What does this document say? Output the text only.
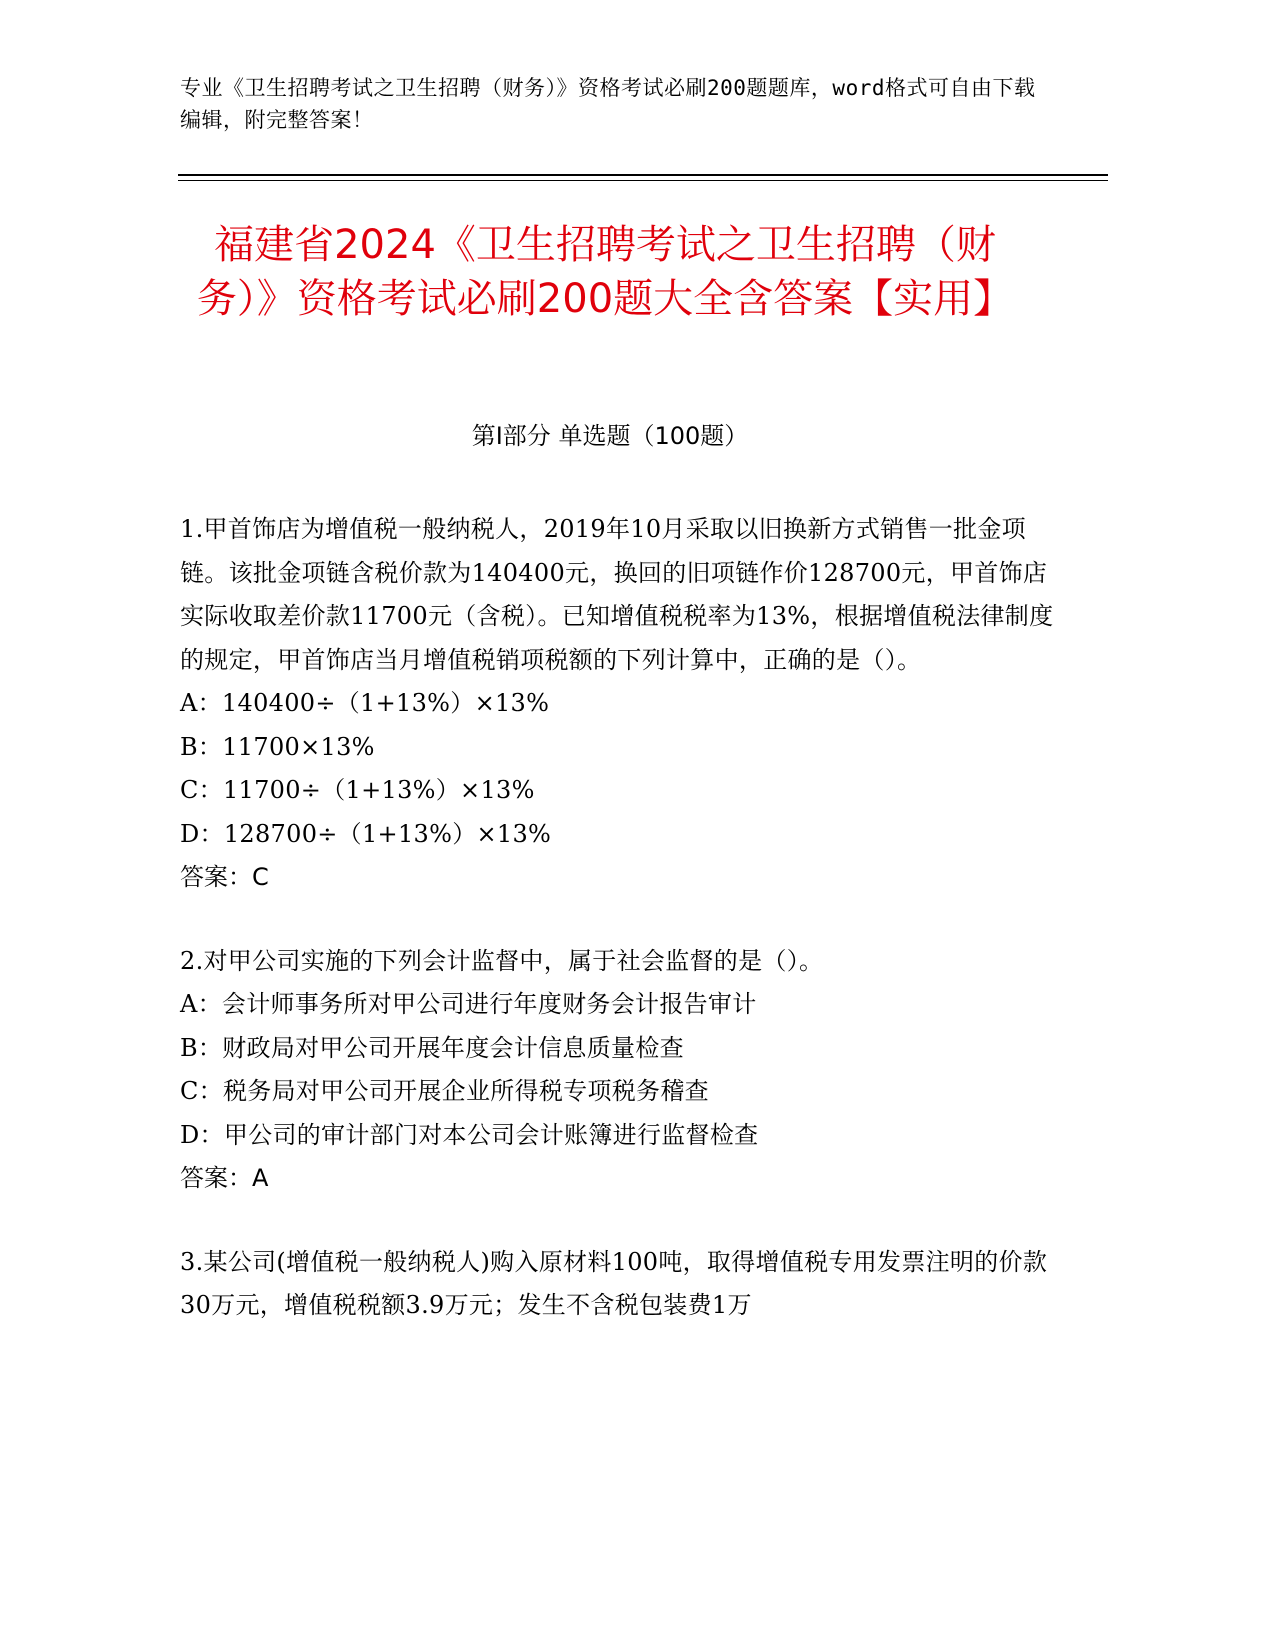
专业《卫生招聘考试之卫生招聘（财务）》资格考试必刷200题题库，word格式可自由下载编辑，附完整答案！
福建省2024《卫生招聘考试之卫生招聘（财务）》资格考试必刷200题大全含答案【实用】
第I部分 单选题（100题）

1.甲首饰店为增值税一般纳税人，2019年10月采取以旧换新方式销售一批金项链。该批金项链含税价款为140400元，换回的旧项链作价128700元，甲首饰店实际收取差价款11700元（含税）。已知增值税税率为13%，根据增值税法律制度的规定，甲首饰店当月增值税销项税额的下列计算中，正确的是（）。

A：140400÷（1+13%）×13%

B：11700×13%

C：11700÷（1+13%）×13%

D：128700÷（1+13%）×13%

答案：C

2.对甲公司实施的下列会计监督中，属于社会监督的是（）。

A：会计师事务所对甲公司进行年度财务会计报告审计

B：财政局对甲公司开展年度会计信息质量检查

C：税务局对甲公司开展企业所得税专项税务稽查

D：甲公司的审计部门对本公司会计账簿进行监督检查

答案：A

3.某公司(增值税一般纳税人)购入原材料100吨，取得增值税专用发票注明的价款30万元，增值税税额3.9万元；发生不含税包装费1万
